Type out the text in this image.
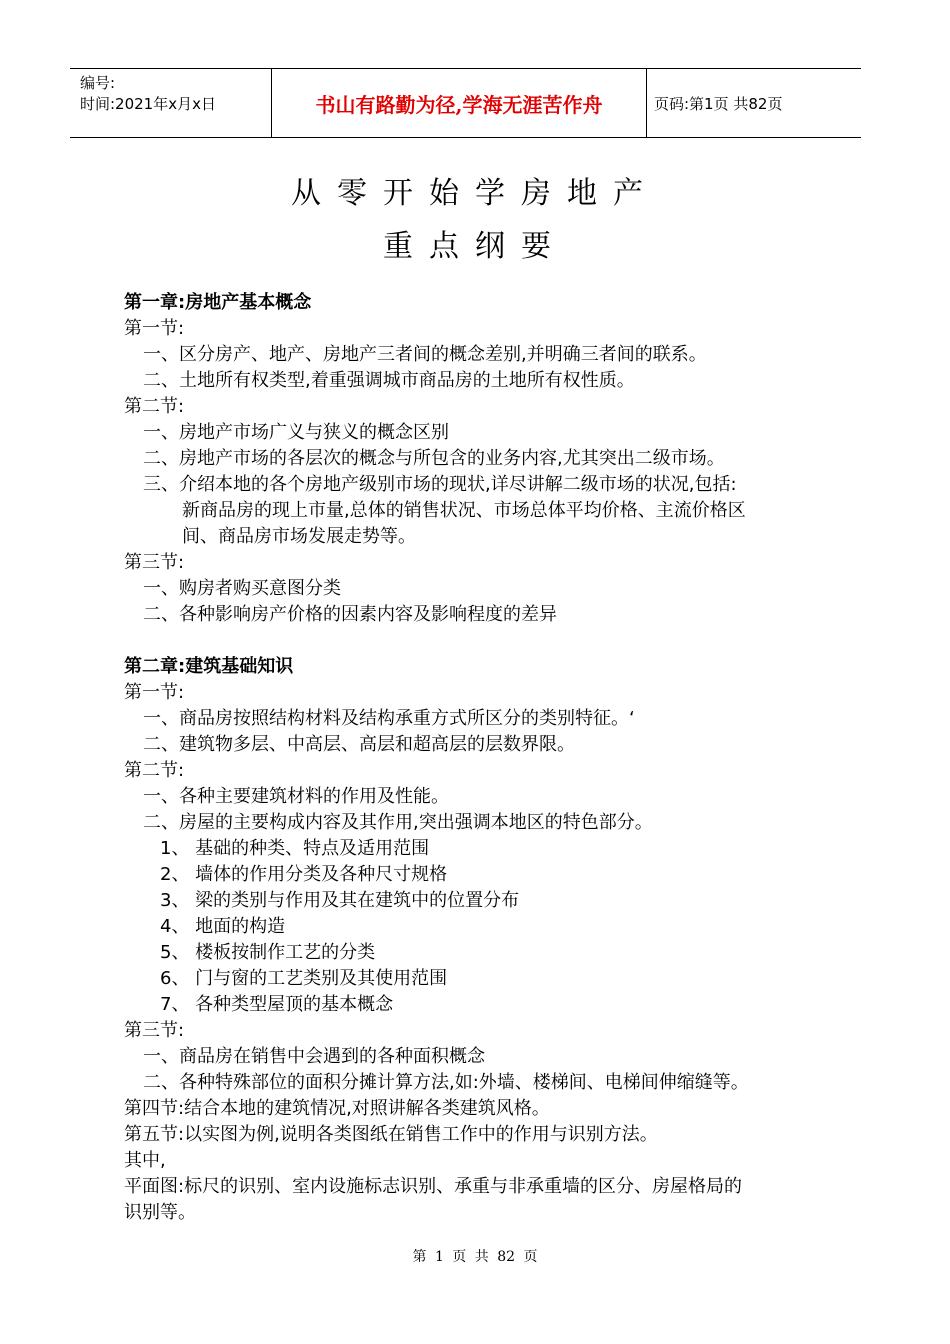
编号:
时间:2021年x月x日	书山有路勤为径,学海无涯苦作舟	页码:第1页 共82页
从零开始学房地产
重点纲要
第一章:房地产基本概念
第一节:
一、区分房产、地产、房地产三者间的概念差别,并明确三者间的联系。
二、土地所有权类型,着重强调城市商品房的土地所有权性质。
第二节:
一、房地产市场广义与狭义的概念区别
二、房地产市场的各层次的概念与所包含的业务内容,尤其突出二级市场。
三、介绍本地的各个房地产级别市场的现状,详尽讲解二级市场的状况,包括:
新商品房的现上市量,总体的销售状况、市场总体平均价格、主流价格区
间、商品房市场发展走势等。
第三节:
一、购房者购买意图分类
二、各种影响房产价格的因素内容及影响程度的差异
第二章:建筑基础知识
第一节:
一、商品房按照结构材料及结构承重方式所区分的类别特征。‘
二、建筑物多层、中高层、高层和超高层的层数界限。
第二节:
一、各种主要建筑材料的作用及性能。
二、房屋的主要构成内容及其作用,突出强调本地区的特色部分。
1、 基础的种类、特点及适用范围
2、 墙体的作用分类及各种尺寸规格
3、 梁的类别与作用及其在建筑中的位置分布
4、 地面的构造
5、 楼板按制作工艺的分类
6、 门与窗的工艺类别及其使用范围
7、 各种类型屋顶的基本概念
第三节:
一、商品房在销售中会遇到的各种面积概念
二、各种特殊部位的面积分摊计算方法,如:外墙、楼梯间、电梯间伸缩缝等。
第四节:结合本地的建筑情况,对照讲解各类建筑风格。
第五节:以实图为例,说明各类图纸在销售工作中的作用与识别方法。
其中,
平面图:标尺的识别、室内设施标志识别、承重与非承重墙的区分、房屋格局的
识别等。
第 1 页 共 82 页
